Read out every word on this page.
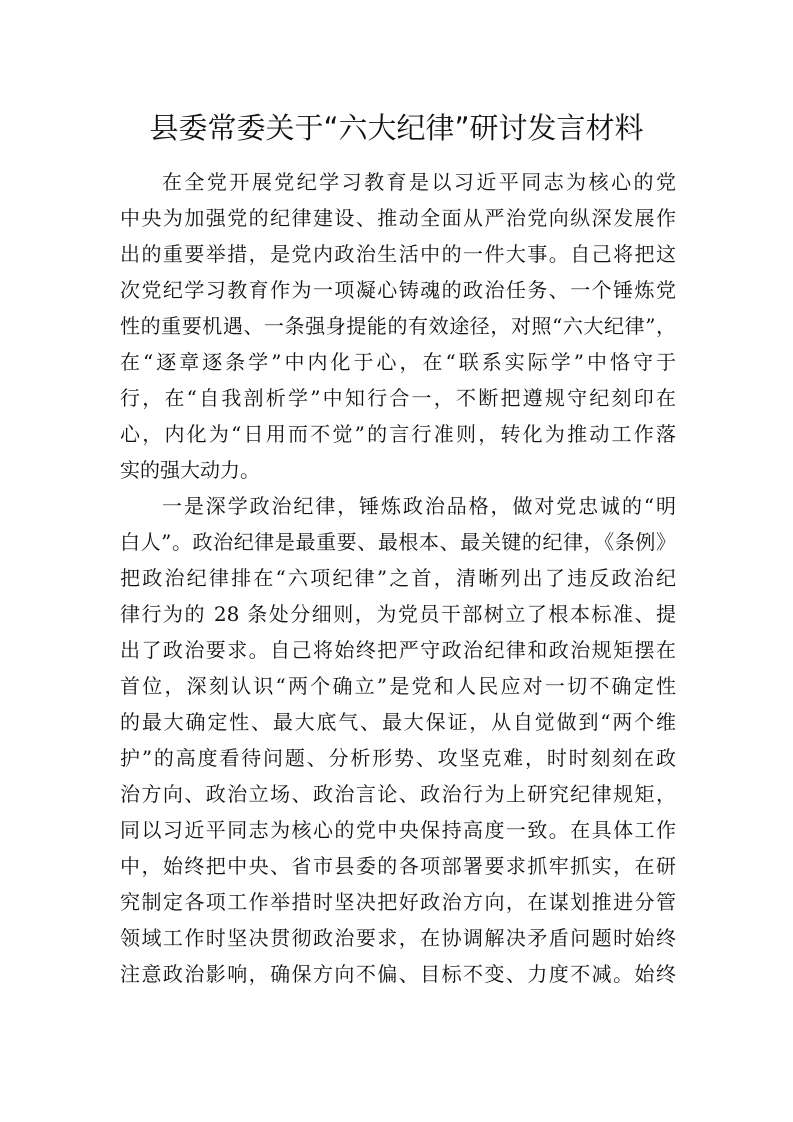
县委常委关于“六大纪律”研讨发言材料
在全党开展党纪学习教育是以习近平同志为核心的党
中央为加强党的纪律建设、推动全面从严治党向纵深发展作
出的重要举措，是党内政治生活中的一件大事。自己将把这
次党纪学习教育作为一项凝心铸魂的政治任务、一个锤炼党
性的重要机遇、一条强身提能的有效途径，对照“六大纪律”，
在“逐章逐条学”中内化于心，在“联系实际学”中恪守于
行，在“自我剖析学”中知行合一，不断把遵规守纪刻印在
心，内化为“日用而不觉”的言行准则，转化为推动工作落
实的强大动力。
一是深学政治纪律，锤炼政治品格，做对党忠诚的“明
白人”。政治纪律是最重要、最根本、最关键的纪律，《条例》
把政治纪律排在“六项纪律”之首，清晰列出了违反政治纪
律行为的 28 条处分细则，为党员干部树立了根本标准、提
出了政治要求。自己将始终把严守政治纪律和政治规矩摆在
首位，深刻认识“两个确立”是党和人民应对一切不确定性
的最大确定性、最大底气、最大保证，从自觉做到“两个维
护”的高度看待问题、分析形势、攻坚克难，时时刻刻在政
治方向、政治立场、政治言论、政治行为上研究纪律规矩，
同以习近平同志为核心的党中央保持高度一致。在具体工作
中，始终把中央、省市县委的各项部署要求抓牢抓实，在研
究制定各项工作举措时坚决把好政治方向，在谋划推进分管
领域工作时坚决贯彻政治要求，在协调解决矛盾问题时始终
注意政治影响，确保方向不偏、目标不变、力度不减。始终
